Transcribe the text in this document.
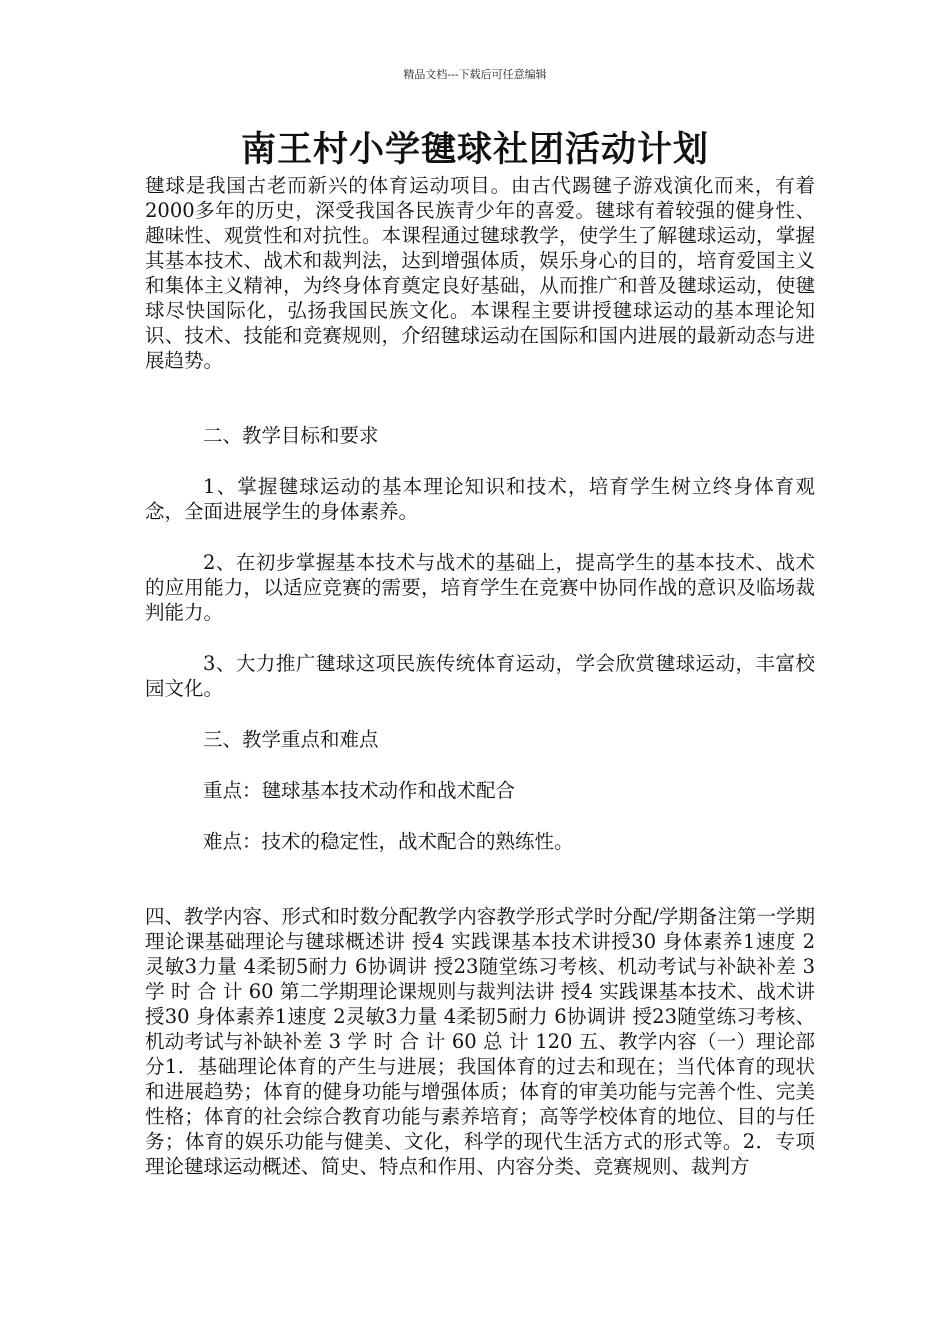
精品文档---下载后可任意编辑
南王村小学毽球社团活动计划

毽球是我国古老而新兴的体育运动项目。由古代踢毽子游戏演化而来，有着2000多年的历史，深受我国各民族青少年的喜爱。毽球有着较强的健身性、趣味性、观赏性和对抗性。本课程通过毽球教学，使学生了解毽球运动，掌握其基本技术、战术和裁判法，达到增强体质，娱乐身心的目的，培育爱国主义和集体主义精神，为终身体育奠定良好基础，从而推广和普及毽球运动，使毽球尽快国际化，弘扬我国民族文化。本课程主要讲授毽球运动的基本理论知识、技术、技能和竞赛规则，介绍毽球运动在国际和国内进展的最新动态与进展趋势。

二、教学目标和要求

1、掌握毽球运动的基本理论知识和技术，培育学生树立终身体育观念，全面进展学生的身体素养。

2、在初步掌握基本技术与战术的基础上，提高学生的基本技术、战术的应用能力，以适应竞赛的需要，培育学生在竞赛中协同作战的意识及临场裁判能力。

3、大力推广毽球这项民族传统体育运动，学会欣赏毽球运动，丰富校园文化。

三、教学重点和难点

重点：毽球基本技术动作和战术配合

难点：技术的稳定性，战术配合的熟练性。

四、教学内容、形式和时数分配教学内容教学形式学时分配/学期备注第一学期理论课基础理论与毽球概述讲 授4 实践课基本技术讲授30 身体素养1速度 2灵敏3力量 4柔韧5耐力 6协调讲 授23随堂练习考核、机动考试与补缺补差 3 学 时 合 计 60 第二学期理论课规则与裁判法讲 授4 实践课基本技术、战术讲 授30 身体素养1速度 2灵敏3力量 4柔韧5耐力 6协调讲 授23随堂练习考核、机动考试与补缺补差 3 学 时 合 计 60 总 计 120 五、教学内容（一）理论部分1．基础理论体育的产生与进展；我国体育的过去和现在；当代体育的现状和进展趋势；体育的健身功能与增强体质；体育的审美功能与完善个性、完美性格；体育的社会综合教育功能与素养培育；高等学校体育的地位、目的与任务；体育的娱乐功能与健美、文化，科学的现代生活方式的形式等。2．专项理论毽球运动概述、简史、特点和作用、内容分类、竞赛规则、裁判方
